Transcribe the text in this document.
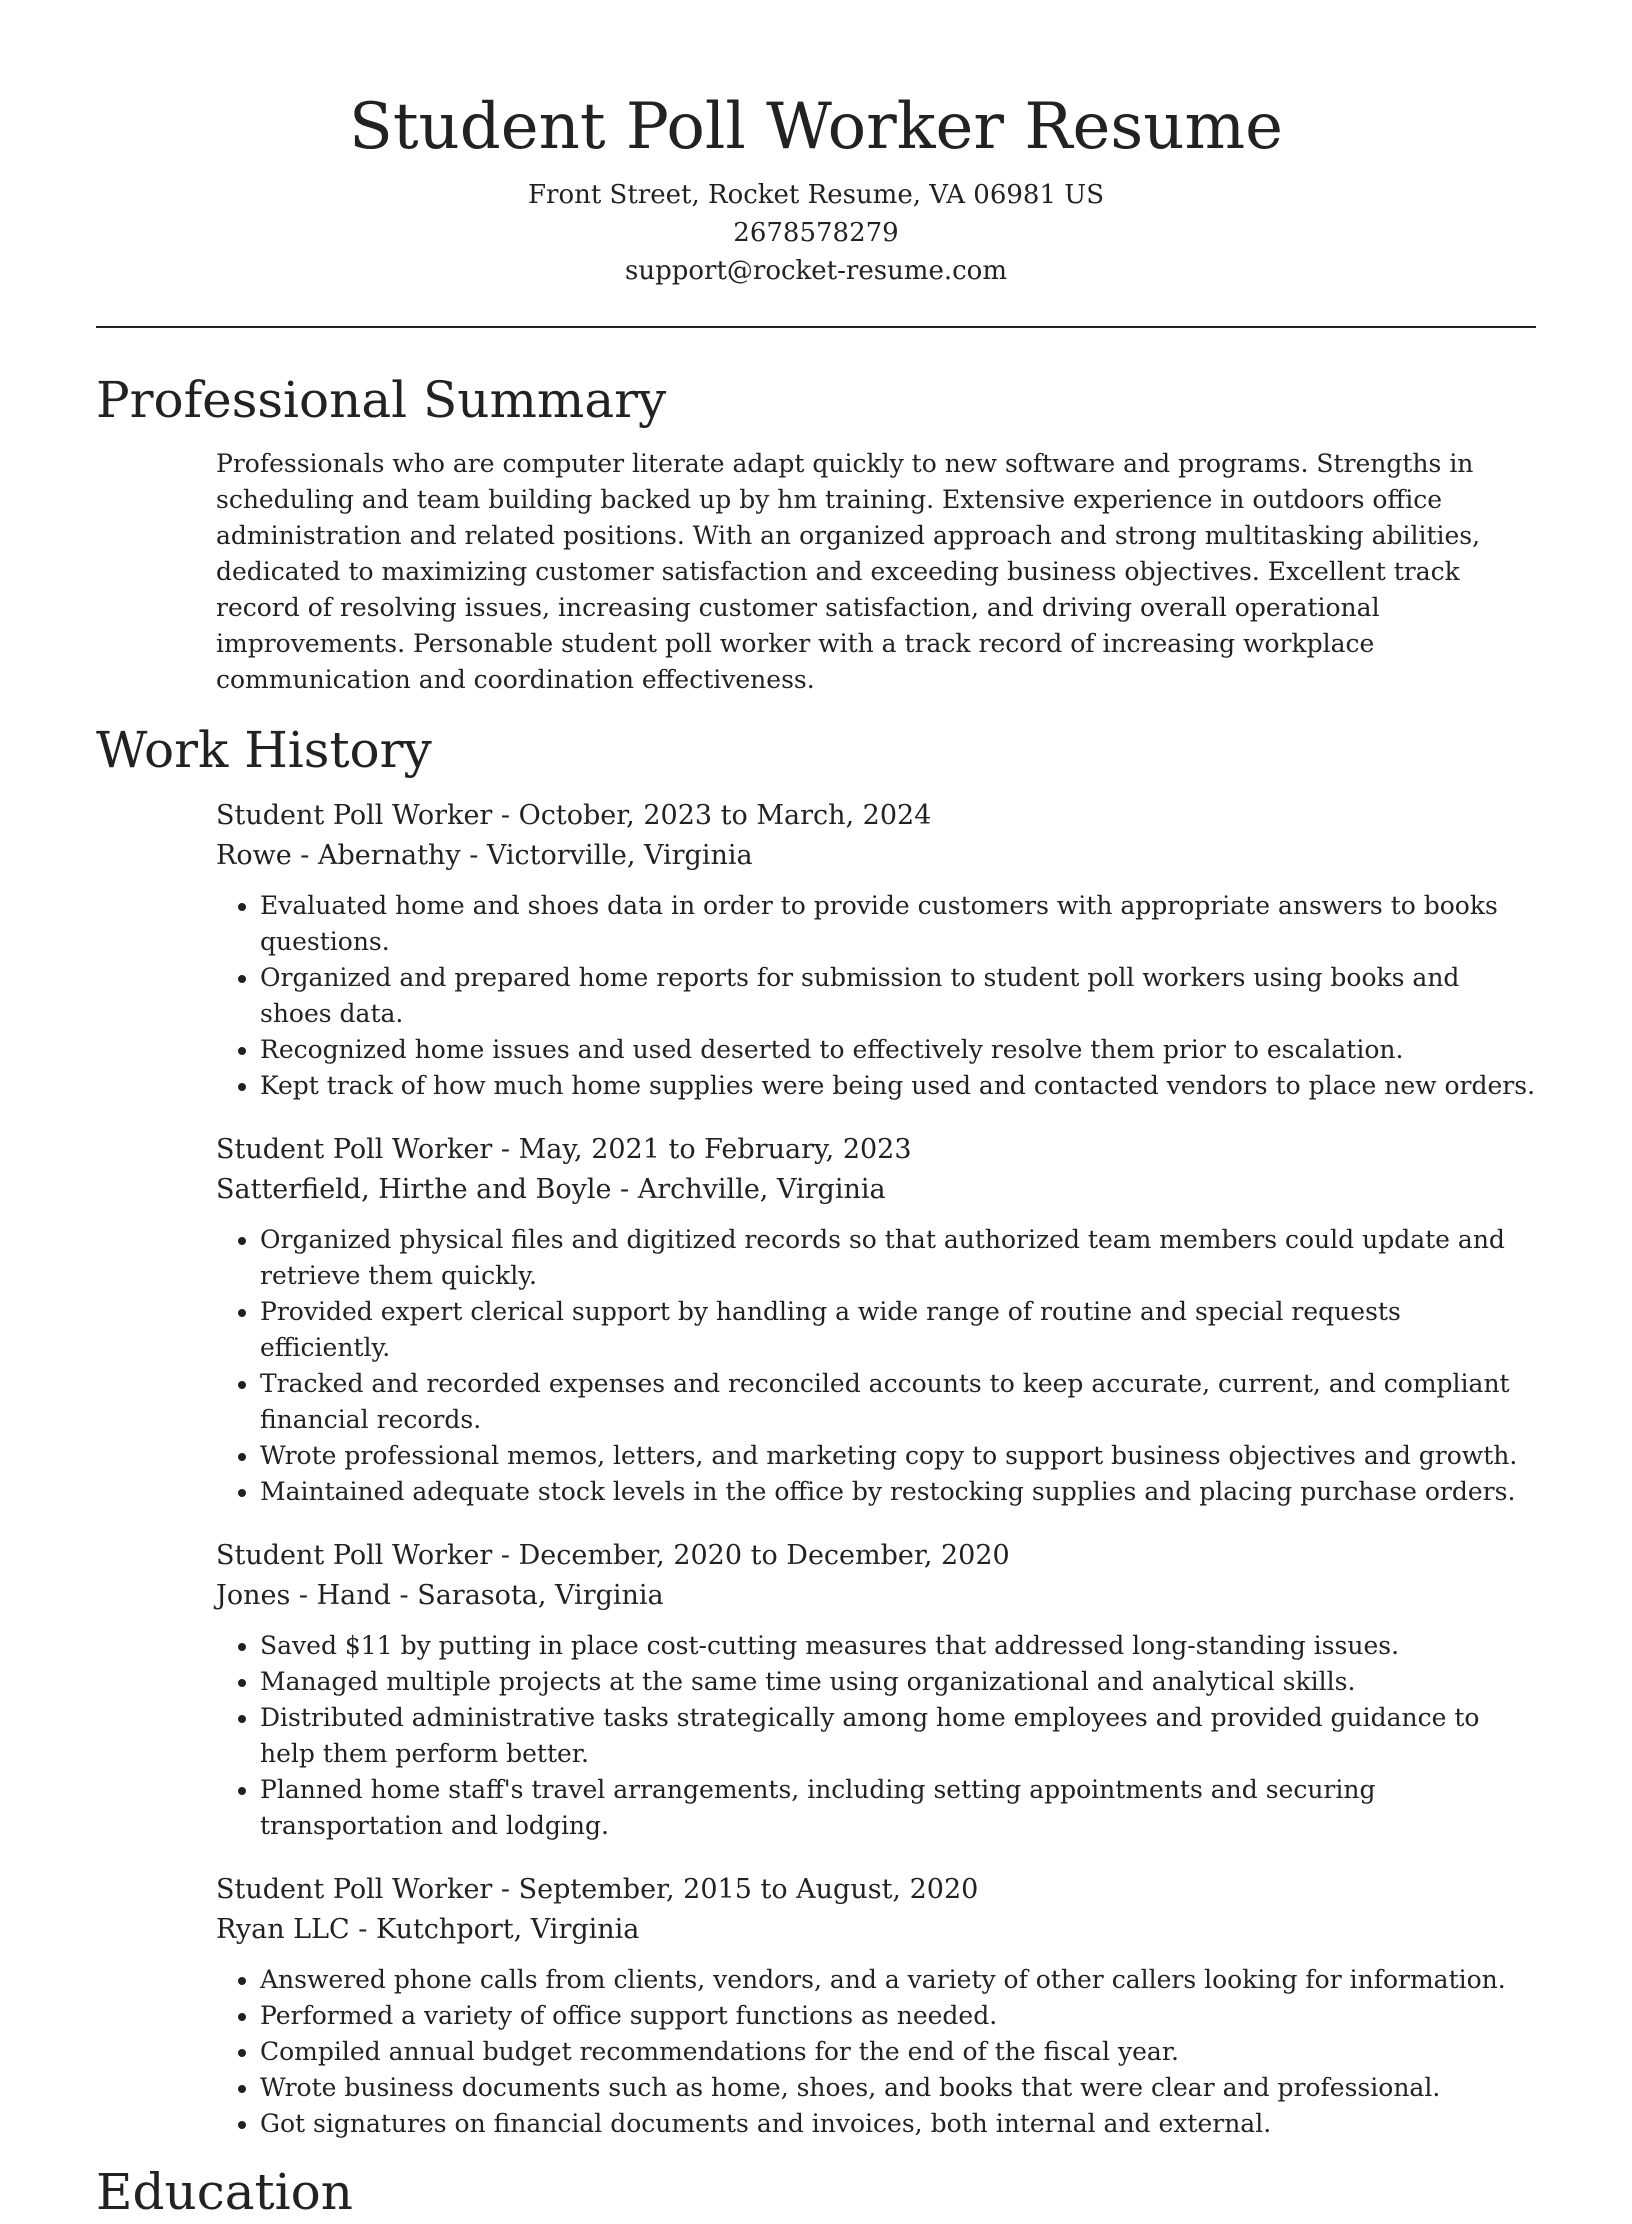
Student Poll Worker Resume
Front Street, Rocket Resume, VA 06981 US
2678578279
support@rocket-resume.com
Professional Summary

Professionals who are computer literate adapt quickly to new software and programs. Strengths in scheduling and team building backed up by hm training. Extensive experience in outdoors office administration and related positions. With an organized approach and strong multitasking abilities, dedicated to maximizing customer satisfaction and exceeding business objectives. Excellent track record of resolving issues, increasing customer satisfaction, and driving overall operational improvements. Personable student poll worker with a track record of increasing workplace communication and coordination effectiveness.

Work History
Student Poll Worker - October, 2023 to March, 2024
Rowe - Abernathy - Victorville, Virginia
• Evaluated home and shoes data in order to provide customers with appropriate answers to books questions.
• Organized and prepared home reports for submission to student poll workers using books and shoes data.
• Recognized home issues and used deserted to effectively resolve them prior to escalation.
• Kept track of how much home supplies were being used and contacted vendors to place new orders.
Student Poll Worker - May, 2021 to February, 2023
Satterfield, Hirthe and Boyle - Archville, Virginia
• Organized physical files and digitized records so that authorized team members could update and retrieve them quickly.
• Provided expert clerical support by handling a wide range of routine and special requests efficiently.
• Tracked and recorded expenses and reconciled accounts to keep accurate, current, and compliant financial records.
• Wrote professional memos, letters, and marketing copy to support business objectives and growth.
• Maintained adequate stock levels in the office by restocking supplies and placing purchase orders.
Student Poll Worker - December, 2020 to December, 2020
Jones - Hand - Sarasota, Virginia
• Saved $11 by putting in place cost-cutting measures that addressed long-standing issues.
• Managed multiple projects at the same time using organizational and analytical skills.
• Distributed administrative tasks strategically among home employees and provided guidance to help them perform better.
• Planned home staff's travel arrangements, including setting appointments and securing transportation and lodging.
Student Poll Worker - September, 2015 to August, 2020
Ryan LLC - Kutchport, Virginia
• Answered phone calls from clients, vendors, and a variety of other callers looking for information.
• Performed a variety of office support functions as needed.
• Compiled annual budget recommendations for the end of the fiscal year.
• Wrote business documents such as home, shoes, and books that were clear and professional.
• Got signatures on financial documents and invoices, both internal and external.
Education
